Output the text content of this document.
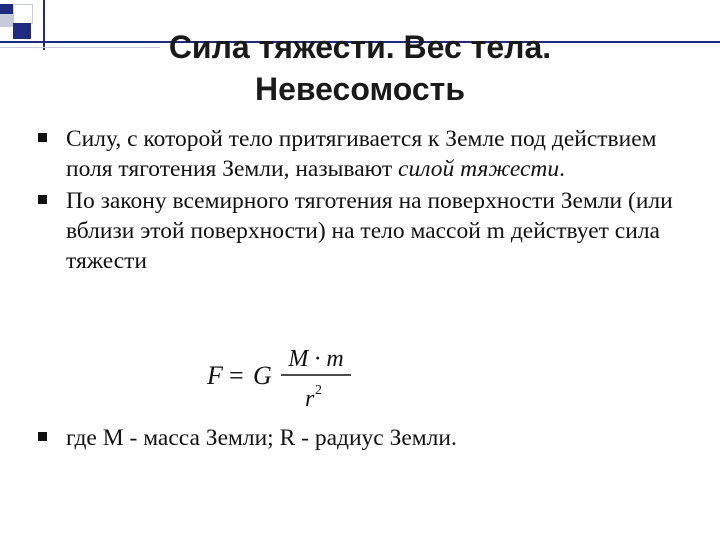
Сила тяжести. Вес тела.
Невесомость
Силу, с которой тело притягивается к Земле под действием поля тяготения Земли, называют силой тяжести.
По закону всемирного тяготения на поверхности Земли (или вблизи этой поверхности) на тело массой m действует сила тяжести
F = G
M · m
r 2
где M - масса Земли; R - радиус Земли.
